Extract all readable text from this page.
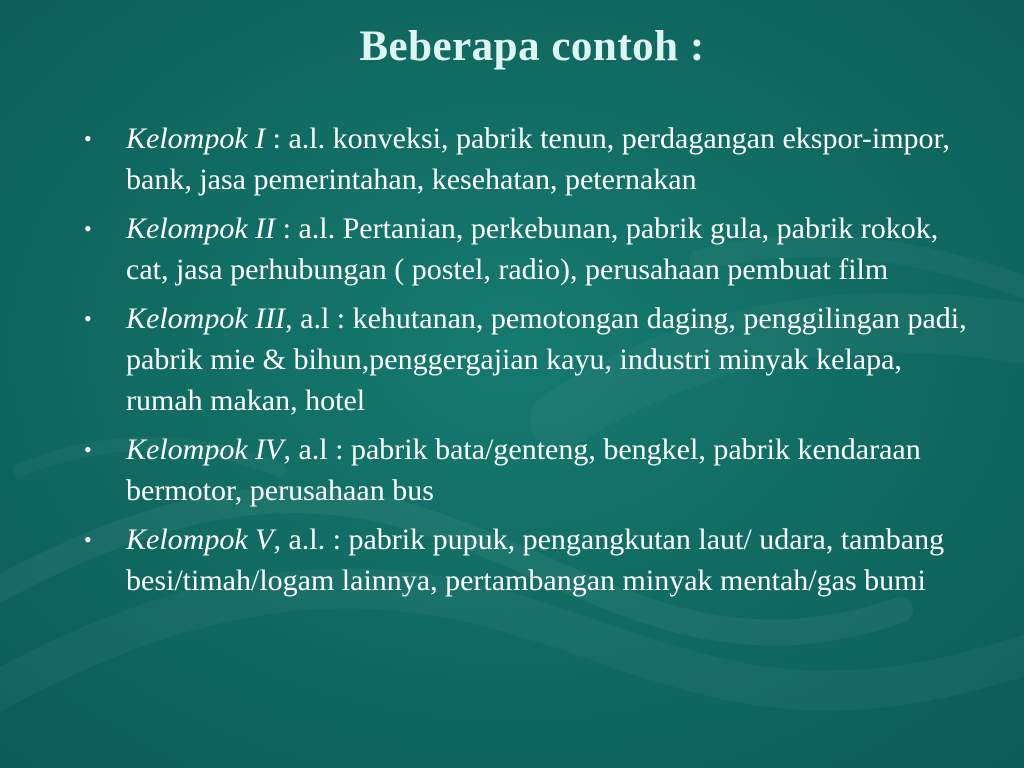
Beberapa contoh :
• Kelompok I : a.l. konveksi, pabrik tenun, perdagangan ekspor-impor, bank, jasa pemerintahan, kesehatan, peternakan
• Kelompok II : a.l. Pertanian, perkebunan, pabrik gula, pabrik rokok, cat, jasa perhubungan ( postel, radio), perusahaan pembuat film
• Kelompok III, a.l : kehutanan, pemotongan daging, penggilingan padi, pabrik mie & bihun,penggergajian kayu, industri minyak kelapa, rumah makan, hotel
• Kelompok IV, a.l : pabrik bata/genteng, bengkel, pabrik kendaraan bermotor, perusahaan bus
• Kelompok V, a.l. : pabrik pupuk, pengangkutan laut/ udara, tambang besi/timah/logam lainnya, pertambangan minyak mentah/gas bumi
